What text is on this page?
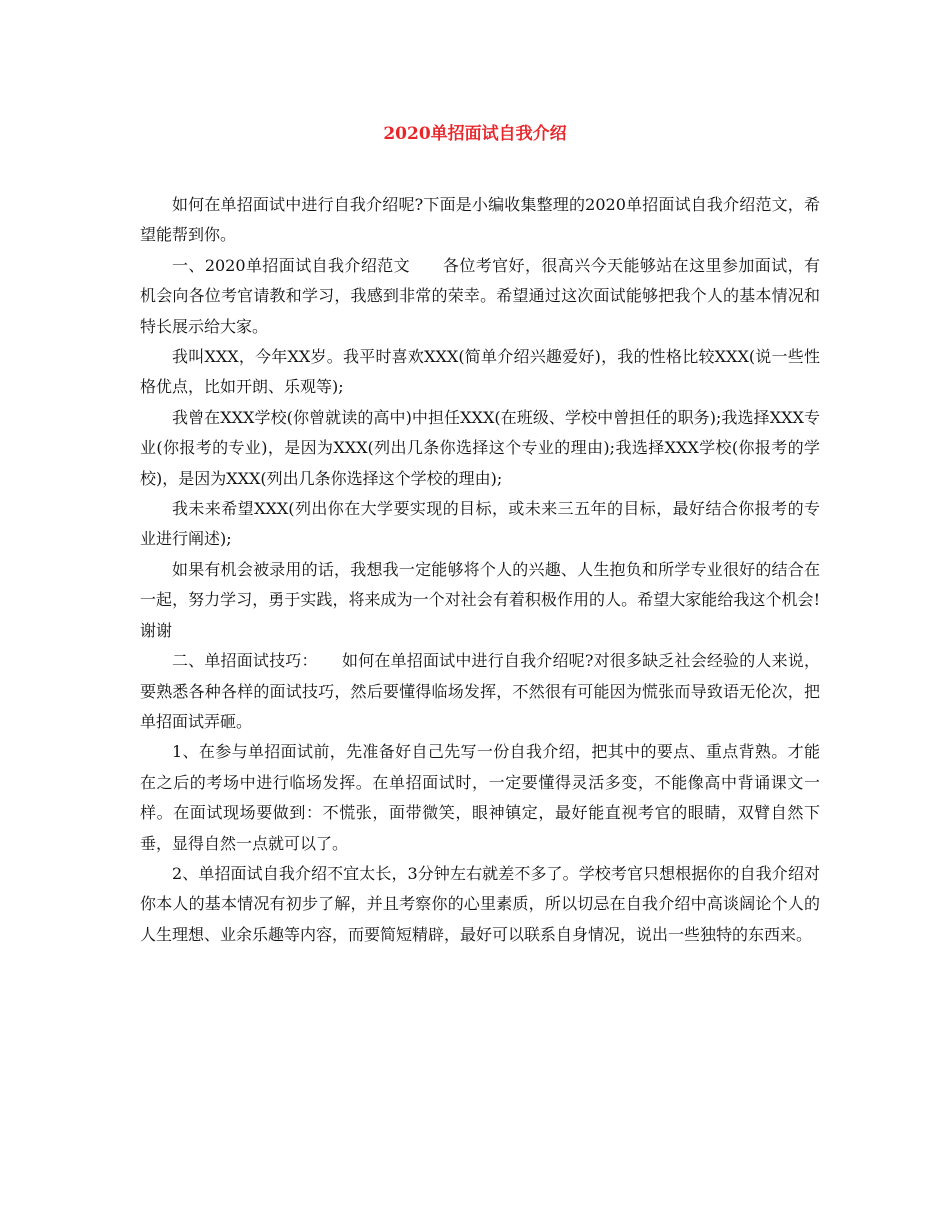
2020单招面试自我介绍

如何在单招面试中进行自我介绍呢?下面是小编收集整理的2020单招面试自我介绍范文，希望能帮到你。

一、2020单招面试自我介绍范文　　各位考官好，很高兴今天能够站在这里参加面试，有机会向各位考官请教和学习，我感到非常的荣幸。希望通过这次面试能够把我个人的基本情况和特长展示给大家。

我叫XXX，今年XX岁。我平时喜欢XXX(简单介绍兴趣爱好)，我的性格比较XXX(说一些性格优点，比如开朗、乐观等);

我曾在XXX学校(你曾就读的高中)中担任XXX(在班级、学校中曾担任的职务);我选择XXX专业(你报考的专业)，是因为XXX(列出几条你选择这个专业的理由);我选择XXX学校(你报考的学校)，是因为XXX(列出几条你选择这个学校的理由);

我未来希望XXX(列出你在大学要实现的目标，或未来三五年的目标，最好结合你报考的专业进行阐述);

如果有机会被录用的话，我想我一定能够将个人的兴趣、人生抱负和所学专业很好的结合在一起，努力学习，勇于实践，将来成为一个对社会有着积极作用的人。希望大家能给我这个机会!谢谢

二、单招面试技巧：　　如何在单招面试中进行自我介绍呢?对很多缺乏社会经验的人来说，要熟悉各种各样的面试技巧，然后要懂得临场发挥，不然很有可能因为慌张而导致语无伦次，把单招面试弄砸。

1、在参与单招面试前，先准备好自己先写一份自我介绍，把其中的要点、重点背熟。才能在之后的考场中进行临场发挥。在单招面试时，一定要懂得灵活多变，不能像高中背诵课文一样。在面试现场要做到：不慌张，面带微笑，眼神镇定，最好能直视考官的眼睛，双臂自然下垂，显得自然一点就可以了。

2、单招面试自我介绍不宜太长，3分钟左右就差不多了。学校考官只想根据你的自我介绍对你本人的基本情况有初步了解，并且考察你的心里素质，所以切忌在自我介绍中高谈阔论个人的人生理想、业余乐趣等内容，而要简短精辟，最好可以联系自身情况，说出一些独特的东西来。
